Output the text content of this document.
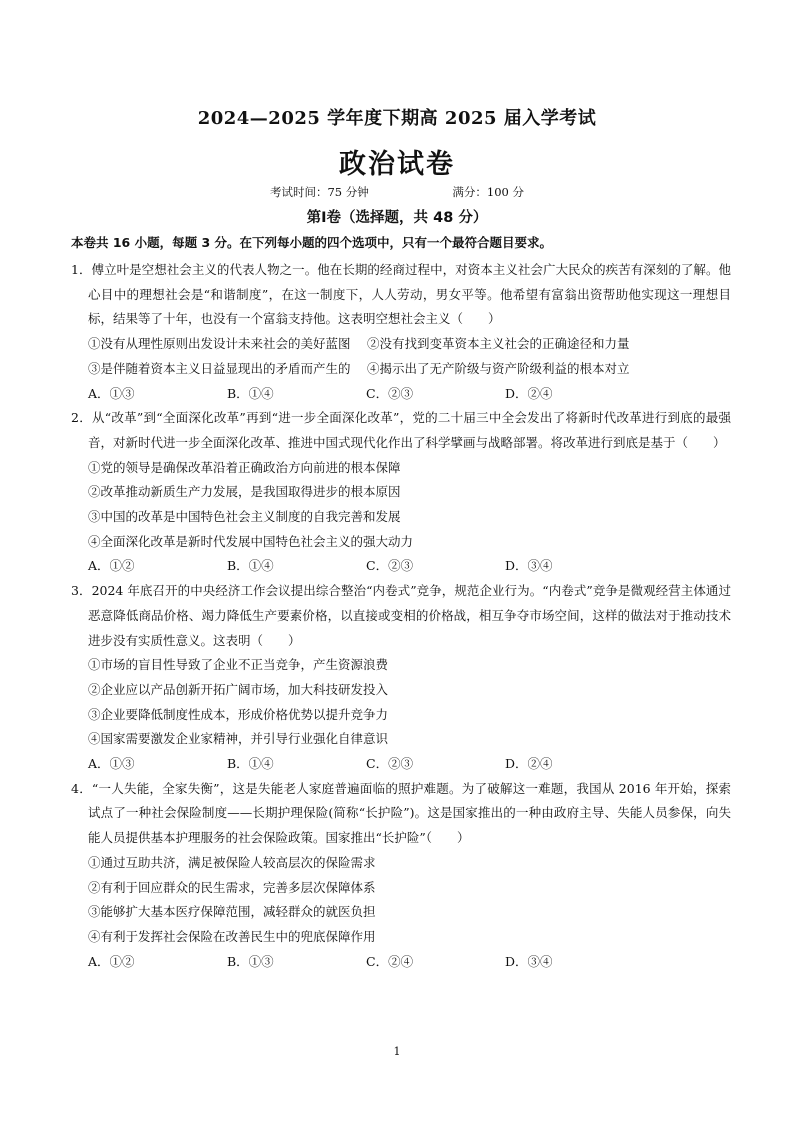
2024—2025 学年度下期高 2025 届入学考试
政治试卷
考试时间：75 分钟	满分：100 分
第Ⅰ卷（选择题，共 48 分）
本卷共 16 小题，每题 3 分。在下列每小题的四个选项中，只有一个最符合题目要求。
1．傅立叶是空想社会主义的代表人物之一。他在长期的经商过程中，对资本主义社会广大民众的疾苦有深刻的了解。他心目中的理想社会是“和谐制度”，在这一制度下，人人劳动，男女平等。他希望有富翁出资帮助他实现这一理想目标，结果等了十年，也没有一个富翁支持他。这表明空想社会主义（　　）
①没有从理性原则出发设计未来社会的美好蓝图　 ②没有找到变革资本主义社会的正确途径和力量
③是伴随着资本主义日益显现出的矛盾而产生的　 ④揭示出了无产阶级与资产阶级利益的根本对立
A．①③	B．①④	C．②③	D．②④
2．从“改革”到“全面深化改革”再到“进一步全面深化改革”，党的二十届三中全会发出了将新时代改革进行到底的最强音，对新时代进一步全面深化改革、推进中国式现代化作出了科学擘画与战略部署。将改革进行到底是基于（　　）
①党的领导是确保改革沿着正确政治方向前进的根本保障
②改革推动新质生产力发展，是我国取得进步的根本原因
③中国的改革是中国特色社会主义制度的自我完善和发展
④全面深化改革是新时代发展中国特色社会主义的强大动力
A．①②	B．①④	C．②③	D．③④
3．2024 年底召开的中央经济工作会议提出综合整治“内卷式”竞争，规范企业行为。“内卷式”竞争是微观经营主体通过恶意降低商品价格、竭力降低生产要素价格，以直接或变相的价格战，相互争夺市场空间，这样的做法对于推动技术进步没有实质性意义。这表明（　　）
①市场的盲目性导致了企业不正当竞争，产生资源浪费
②企业应以产品创新开拓广阔市场，加大科技研发投入
③企业要降低制度性成本，形成价格优势以提升竞争力
④国家需要激发企业家精神，并引导行业强化自律意识
A．①③	B．①④	C．②③	D．②④
4．“一人失能，全家失衡”，这是失能老人家庭普遍面临的照护难题。为了破解这一难题，我国从 2016 年开始，探索试点了一种社会保险制度——长期护理保险(简称“长护险”)。这是国家推出的一种由政府主导、失能人员参保，向失能人员提供基本护理服务的社会保险政策。国家推出“长护险”（　　）
①通过互助共济，满足被保险人较高层次的保险需求
②有利于回应群众的民生需求，完善多层次保障体系
③能够扩大基本医疗保障范围，减轻群众的就医负担
④有利于发挥社会保险在改善民生中的兜底保障作用
A．①②	B．①③	C．②④	D．③④
1
